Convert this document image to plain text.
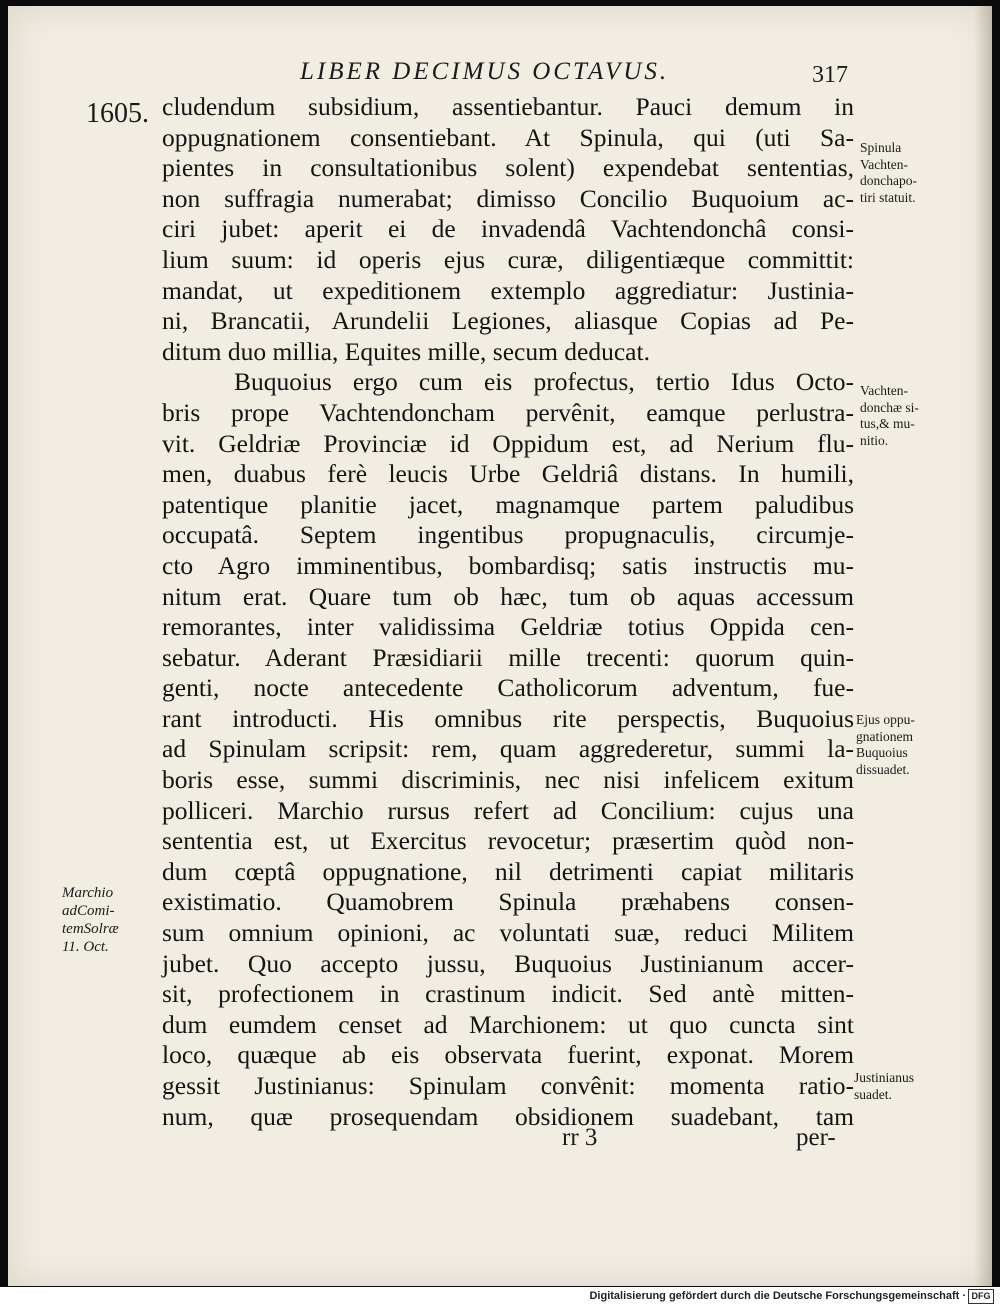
LIBER DECIMUS OCTAVUS.	317
1605. cludendum subsidium, assentiebantur. Pauci demum in
oppugnationem consentiebant. At Spinula, qui (uti Sa-
pientes in consultationibus solent) expendebat sententias,
non suffragia numerabat; dimisso Concilio Buquoium ac-
ciri jubet: aperit ei de invadendâ Vachtendonchâ consi-
lium suum: id operis ejus curæ, diligentiæque committit:
mandat, ut expeditionem extemplo aggrediatur: Justinia-
ni, Brancatii, Arundelii Legiones, aliasque Copias ad Pe-
ditum duo millia, Equites mille, secum deducat.
Buquoius ergo cum eis profectus, tertio Idus Octo-
bris prope Vachtendoncham pervênit, eamque perlustra-
vit. Geldriæ Provinciæ id Oppidum est, ad Nerium flu-
men, duabus ferè leucis Urbe Geldriâ distans. In humili,
patentique planitie jacet, magnamque partem paludibus
occupatâ. Septem ingentibus propugnaculis, circumje-
cto Agro imminentibus, bombardisq; satis instructis mu-
nitum erat. Quare tum ob hæc, tum ob aquas accessum
remorantes, inter validissima Geldriæ totius Oppida cen-
sebatur. Aderant Præsidiarii mille trecenti: quorum quin-
genti, nocte antecedente Catholicorum adventum, fue-
rant introducti. His omnibus rite perspectis, Buquoius
ad Spinulam scripsit: rem, quam aggrederetur, summi la-
boris esse, summi discriminis, nec nisi infelicem exitum
polliceri. Marchio rursus refert ad Concilium: cujus una
sententia est, ut Exercitus revocetur; præsertim quòd non-
dum cœptâ oppugnatione, nil detrimenti capiat militaris
existimatio. Quamobrem Spinula præhabens consen-
sum omnium opinioni, ac voluntati suæ, reduci Militem
jubet. Quo accepto jussu, Buquoius Justinianum accer-
sit, profectionem in crastinum indicit. Sed antè mitten-
dum eumdem censet ad Marchionem: ut quo cuncta sint
loco, quæque ab eis observata fuerint, exponat. Morem
gessit Justinianus: Spinulam convênit: momenta ratio-
num, quæ prosequendam obsidionem suadebant, tam
Spinula
Vachten-
donchapo-
tiri statuit.
Vachten-
donchæ si-
tus,& mu-
nitio.
Ejus oppu-
gnationem
Buquoius
dissuadet.
Justinianus
suadet.
Marchio
adComi-
temSolræ
11. Oct.
rr 3	per-
Digitalisierung gefördert durch die Deutsche Forschungsgemeinschaft · DFG
